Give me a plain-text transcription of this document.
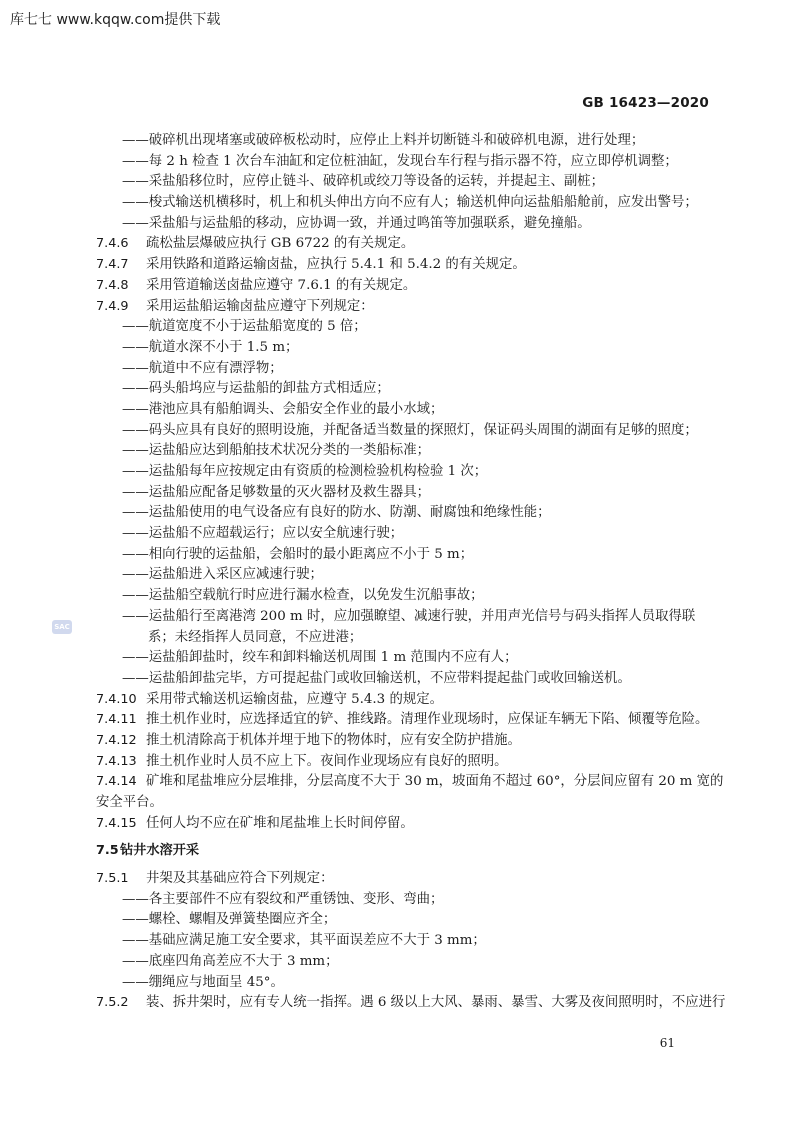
库七七 www.kqqw.com提供下载
GB 16423—2020
SAC
——破碎机出现堵塞或破碎板松动时，应停止上料并切断链斗和破碎机电源，进行处理；
——每 2 h 检查 1 次台车油缸和定位桩油缸，发现台车行程与指示器不符，应立即停机调整；
——采盐船移位时，应停止链斗、破碎机或绞刀等设备的运转，并提起主、副桩；
——梭式输送机横移时，机上和机头伸出方向不应有人；输送机伸向运盐船船舱前，应发出警号；
——采盐船与运盐船的移动，应协调一致，并通过鸣笛等加强联系，避免撞船。
7.4.6 疏松盐层爆破应执行 GB 6722 的有关规定。
7.4.7 采用铁路和道路运输卤盐，应执行 5.4.1 和 5.4.2 的有关规定。
7.4.8 采用管道输送卤盐应遵守 7.6.1 的有关规定。
7.4.9 采用运盐船运输卤盐应遵守下列规定：
——航道宽度不小于运盐船宽度的 5 倍；
——航道水深不小于 1.5 m；
——航道中不应有漂浮物；
——码头船坞应与运盐船的卸盐方式相适应；
——港池应具有船舶调头、会船安全作业的最小水域；
——码头应具有良好的照明设施，并配备适当数量的探照灯，保证码头周围的湖面有足够的照度；
——运盐船应达到船舶技术状况分类的一类船标准；
——运盐船每年应按规定由有资质的检测检验机构检验 1 次；
——运盐船应配备足够数量的灭火器材及救生器具；
——运盐船使用的电气设备应有良好的防水、防潮、耐腐蚀和绝缘性能；
——运盐船不应超载运行；应以安全航速行驶；
——相向行驶的运盐船，会船时的最小距离应不小于 5 m；
——运盐船进入采区应减速行驶；
——运盐船空载航行时应进行漏水检查，以免发生沉船事故；
——运盐船行至离港湾 200 m 时，应加强瞭望、减速行驶，并用声光信号与码头指挥人员取得联
系；未经指挥人员同意，不应进港；
——运盐船卸盐时，绞车和卸料输送机周围 1 m 范围内不应有人；
——运盐船卸盐完毕，方可提起盐门或收回输送机，不应带料提起盐门或收回输送机。
7.4.10 采用带式输送机运输卤盐，应遵守 5.4.3 的规定。
7.4.11 推土机作业时，应选择适宜的铲、推线路。清理作业现场时，应保证车辆无下陷、倾覆等危险。
7.4.12 推土机清除高于机体并埋于地下的物体时，应有安全防护措施。
7.4.13 推土机作业时人员不应上下。夜间作业现场应有良好的照明。
7.4.14 矿堆和尾盐堆应分层堆排，分层高度不大于 30 m，坡面角不超过 60°，分层间应留有 20 m 宽的
安全平台。
7.4.15 任何人均不应在矿堆和尾盐堆上长时间停留。
7.5钻井水溶开采
7.5.1 井架及其基础应符合下列规定：
——各主要部件不应有裂纹和严重锈蚀、变形、弯曲；
——螺栓、螺帽及弹簧垫圈应齐全；
——基础应满足施工安全要求，其平面误差应不大于 3 mm；
——底座四角高差应不大于 3 mm；
——绷绳应与地面呈 45°。
7.5.2 装、拆井架时，应有专人统一指挥。遇 6 级以上大风、暴雨、暴雪、大雾及夜间照明时，不应进行
61
